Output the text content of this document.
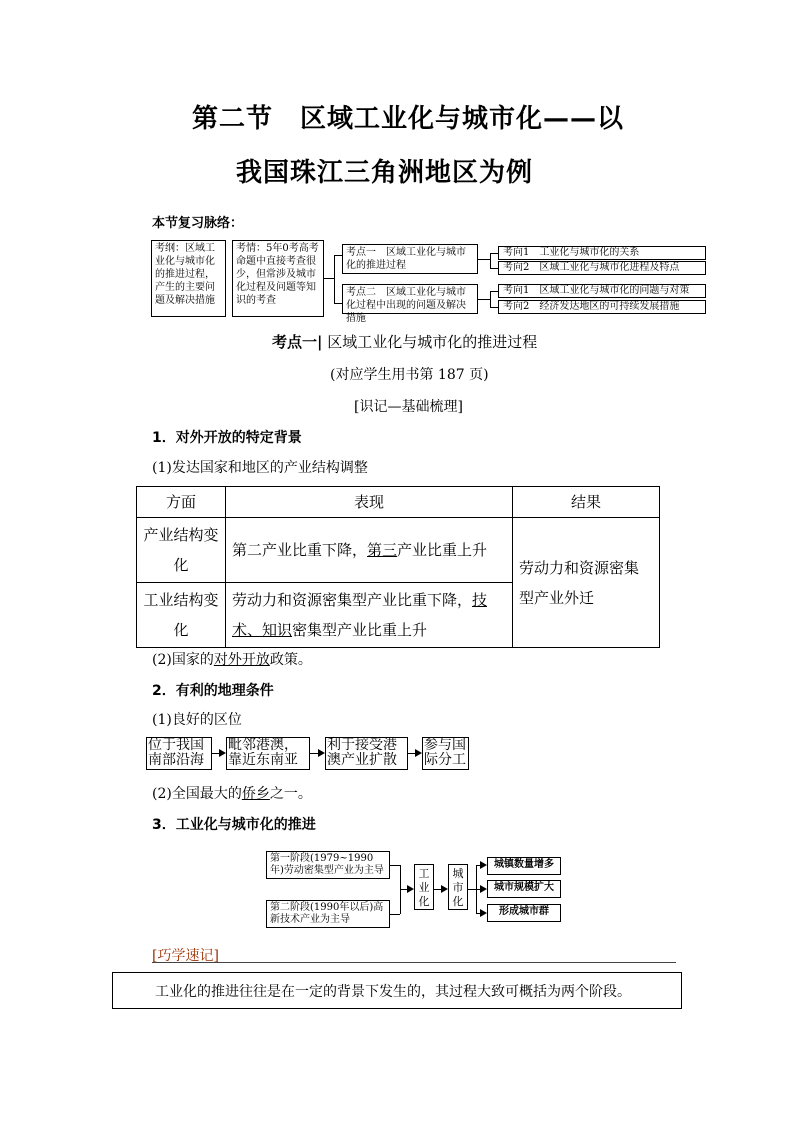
第二节　区域工业化与城市化——以
我国珠江三角洲地区为例
本节复习脉络：
考纲：区域工业化与城市化的推进过程，产生的主要问题及解决措施
考情：5年0考高考命题中直接考查很少，但常涉及城市化过程及问题等知识的考查
考点一　区域工业化与城市化的推进过程
考点二　区域工业化与城市化过程中出现的问题及解决措施
考向1　工业化与城市化的关系
考向2　区域工业化与城市化进程及特点
考向1　区域工业化与城市化的问题与对策
考向2　经济发达地区的可持续发展措施
考点一| 区域工业化与城市化的推进过程
(对应学生用书第 187 页)
[识记—基础梳理]
1．对外开放的特定背景
(1)发达国家和地区的产业结构调整
方面	表现	结果
产业结构变化	第二产业比重下降，第三产业比重上升	劳动力和资源密集型产业外迁
工业结构变化	劳动力和资源密集型产业比重下降，技术、知识密集型产业比重上升	
(2)国家的对外开放政策。
2．有利的地理条件
(1)良好的区位
位于我国南部沿海
毗邻港澳，靠近东南亚
利于接受港澳产业扩散
参与国际分工
(2)全国最大的侨乡之一。
3．工业化与城市化的推进
第一阶段(1979~1990年)劳动密集型产业为主导
第二阶段(1990年以后)高新技术产业为主导
工业化
城市化
城镇数量增多
城市规模扩大
形成城市群
[巧学速记]
工业化的推进往往是在一定的背景下发生的，其过程大致可概括为两个阶段。
